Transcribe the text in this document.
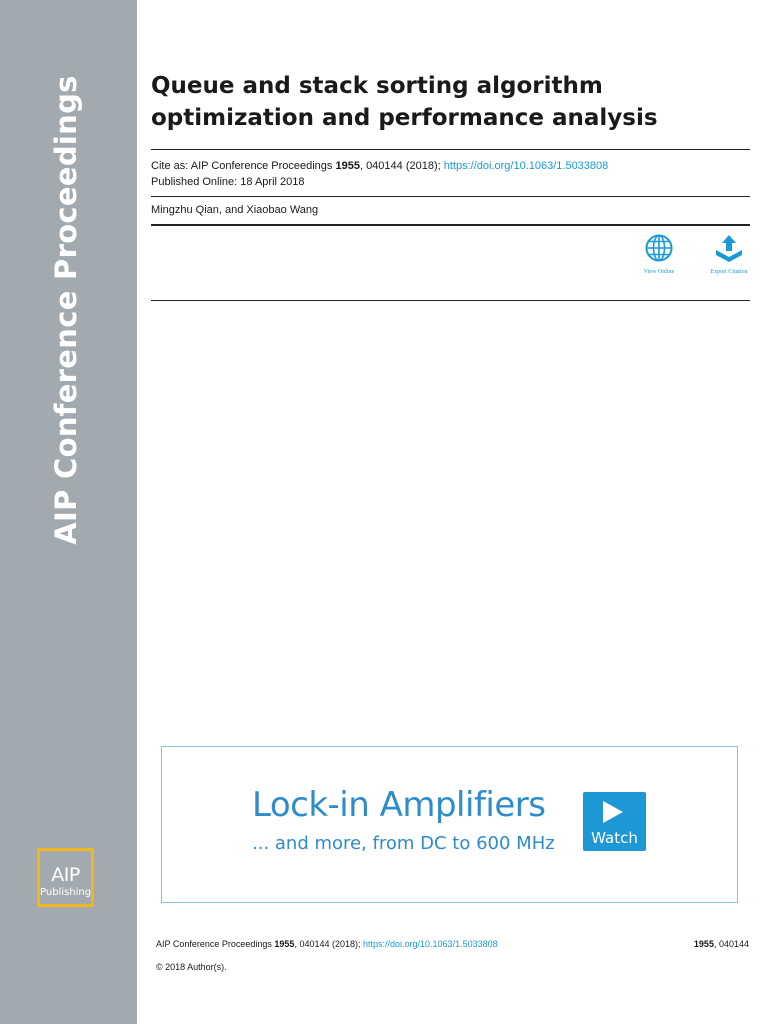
AIP Conference Proceedings
AIP
Publishing
Queue and stack sorting algorithm optimization and performance analysis
Cite as: AIP Conference Proceedings 1955, 040144 (2018); https://doi.org/10.1063/1.5033808
Published Online: 18 April 2018
Mingzhu Qian, and Xiaobao Wang
View Online	Export Citation
Lock-in Amplifiers
... and more, from DC to 600 MHz	Watch
AIP Conference Proceedings 1955, 040144 (2018); https://doi.org/10.1063/1.5033808	1955, 040144
© 2018 Author(s).
